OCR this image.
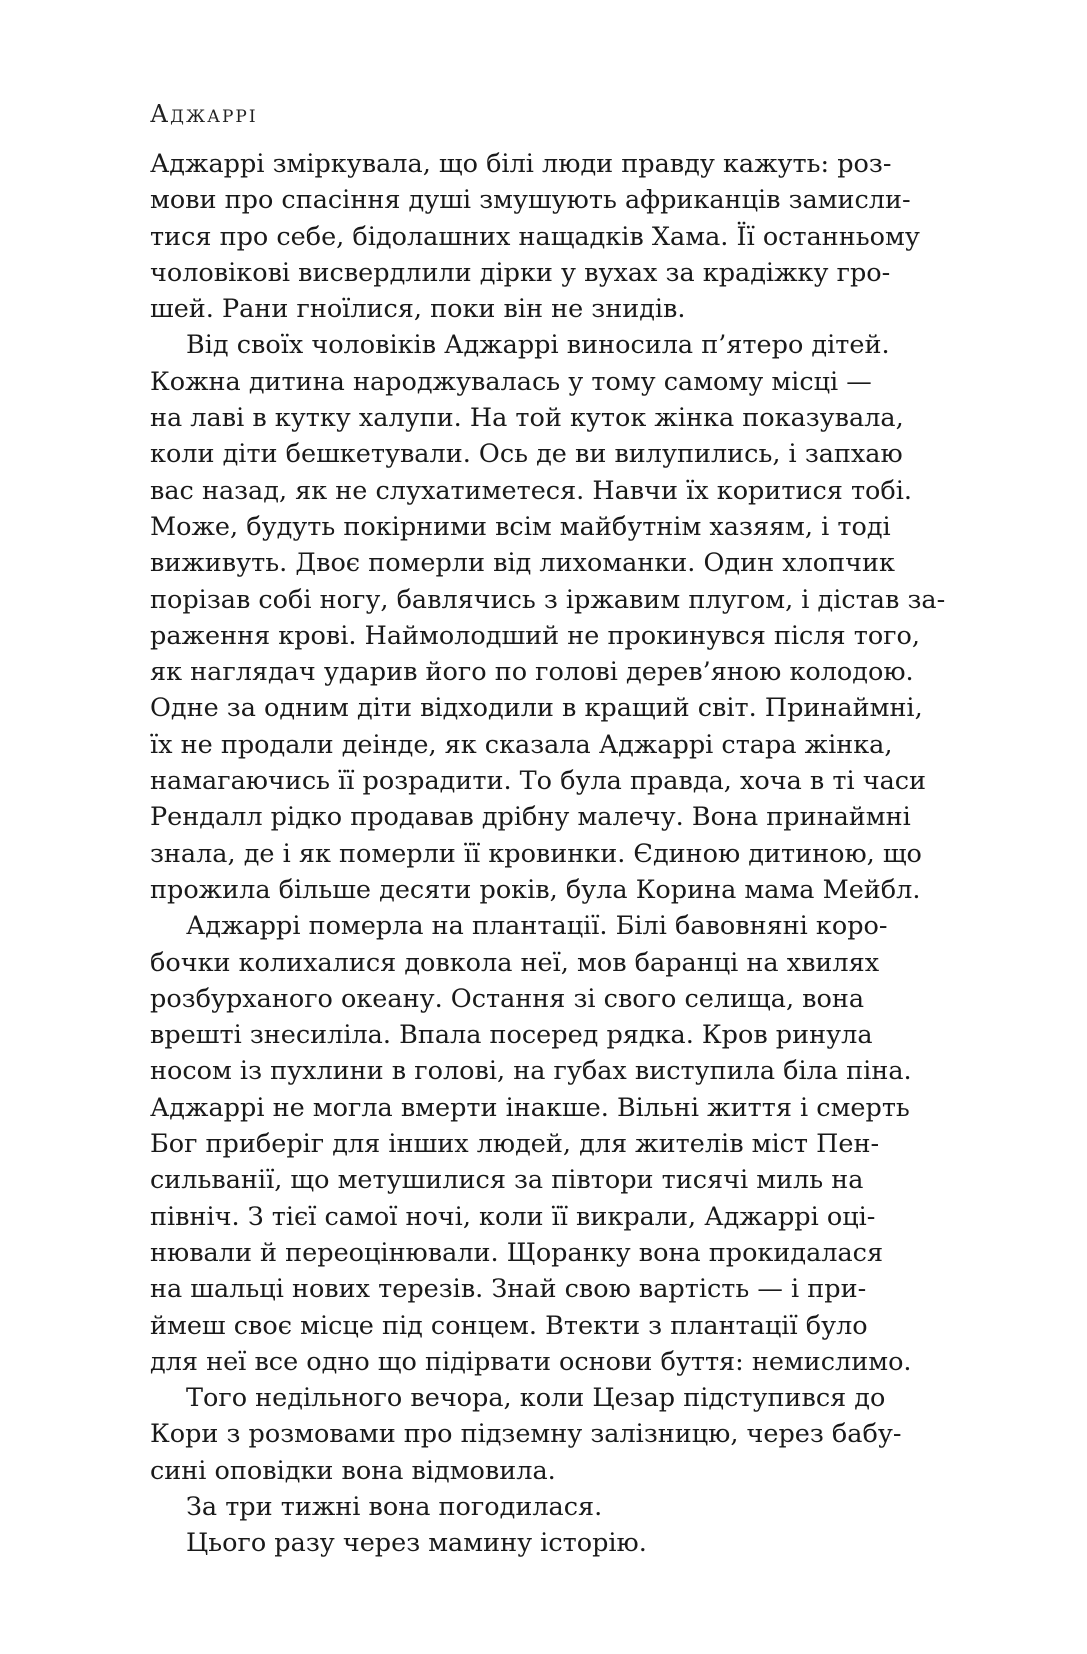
Аджаррі
Аджаррі зміркувала, що білі люди правду кажуть: роз-
мови про спасіння душі змушують африканців замисли-
тися про себе, бідолашних нащадків Хама. Її останньому
чоловікові висвердлили дірки у вухах за крадіжку гро-
шей. Рани гноїлися, поки він не знидів.
Від своїх чоловіків Аджаррі виносила п’ятеро дітей.
Кожна дитина народжувалась у тому самому місці —
на лаві в кутку халупи. На той куток жінка показувала,
коли діти бешкетували. Ось де ви вилупились, і запхаю
вас назад, як не слухатиметеся. Навчи їх коритися тобі.
Може, будуть покірними всім майбутнім хазяям, і тоді
виживуть. Двоє померли від лихоманки. Один хлопчик
порізав собі ногу, бавлячись з іржавим плугом, і дістав за-
раження крові. Наймолодший не прокинувся після того,
як наглядач ударив його по голові дерев’яною колодою.
Одне за одним діти відходили в кращий світ. Принаймні,
їх не продали деінде, як сказала Аджаррі стара жінка,
намагаючись її розрадити. То була правда, хоча в ті часи
Рендалл рідко продавав дрібну малечу. Вона принаймні
знала, де і як померли її кровинки. Єдиною дитиною, що
прожила більше десяти років, була Корина мама Мейбл.
Аджаррі померла на плантації. Білі бавовняні коро-
бочки колихалися довкола неї, мов баранці на хвилях
розбурханого океану. Остання зі свого селища, вона
врешті знесиліла. Впала посеред рядка. Кров ринула
носом із пухлини в голові, на губах виступила біла піна.
Аджаррі не могла вмерти інакше. Вільні життя і смерть
Бог приберіг для інших людей, для жителів міст Пен-
сильванії, що метушилися за півтори тисячі миль на
північ. З тієї самої ночі, коли її викрали, Аджаррі оці-
нювали й переоцінювали. Щоранку вона прокидалася
на шальці нових терезів. Знай свою вартість — і при-
ймеш своє місце під сонцем. Втекти з плантації було
для неї все одно що підірвати основи буття: немислимо.
Того недільного вечора, коли Цезар підступився до
Кори з розмовами про підземну залізницю, через бабу-
сині оповідки вона відмовила.
За три тижні вона погодилася.
Цього разу через мамину історію.
